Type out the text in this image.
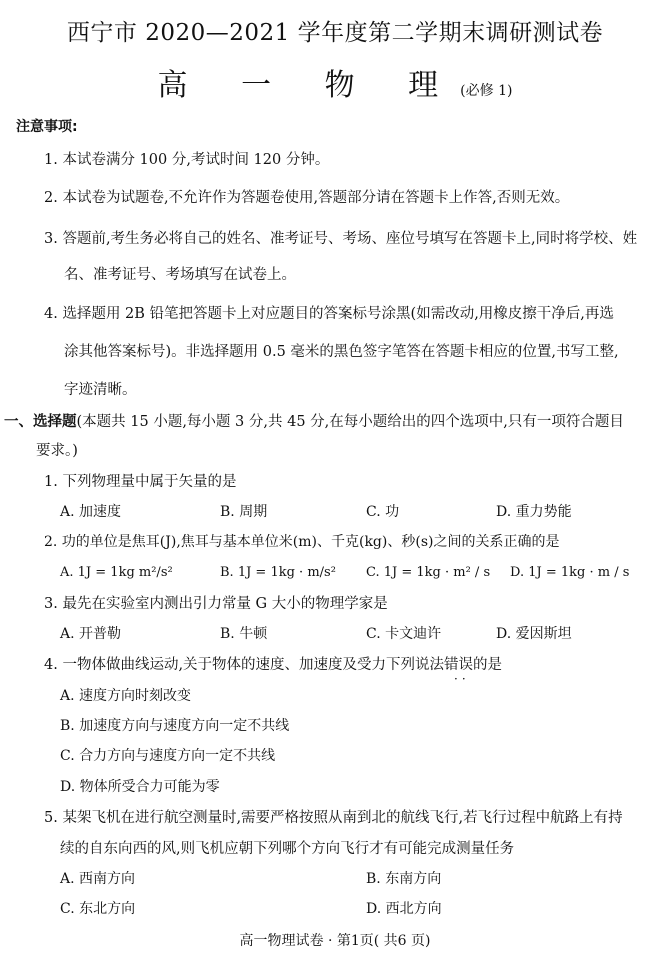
西宁市 2020—2021 学年度第二学期末调研测试卷
高 一 物 理(必修 1)
注意事项:
1. 本试卷满分 100 分,考试时间 120 分钟。
2. 本试卷为试题卷,不允许作为答题卷使用,答题部分请在答题卡上作答,否则无效。
3. 答题前,考生务必将自己的姓名、准考证号、考场、座位号填写在答题卡上,同时将学校、姓
名、准考证号、考场填写在试卷上。
4. 选择题用 2B 铅笔把答题卡上对应题目的答案标号涂黑(如需改动,用橡皮擦干净后,再选
涂其他答案标号)。非选择题用 0.5 毫米的黑色签字笔答在答题卡相应的位置,书写工整,
字迹清晰。
一、选择题(本题共 15 小题,每小题 3 分,共 45 分,在每小题给出的四个选项中,只有一项符合题目
要求。)
1. 下列物理量中属于矢量的是
A. 加速度	B. 周期	C. 功	D. 重力势能
2. 功的单位是焦耳(J),焦耳与基本单位米(m)、千克(kg)、秒(s)之间的关系正确的是
A. 1J = 1kg m²/s²	B. 1J = 1kg · m/s² C. 1J = 1kg · m² / s D. 1J = 1kg · m / s
3. 最先在实验室内测出引力常量 G 大小的物理学家是
A. 开普勒	B. 牛顿	C. 卡文迪许	D. 爱因斯坦
4. 一物体做曲线运动,关于物体的速度、加速度及受力下列说法错误的是
··
A. 速度方向时刻改变
B. 加速度方向与速度方向一定不共线
C. 合力方向与速度方向一定不共线
D. 物体所受合力可能为零
5. 某架飞机在进行航空测量时,需要严格按照从南到北的航线飞行,若飞行过程中航路上有持
续的自东向西的风,则飞机应朝下列哪个方向飞行才有可能完成测量任务
A. 西南方向	B. 东南方向
C. 东北方向	D. 西北方向
高一物理试卷 · 第1页( 共6 页)
